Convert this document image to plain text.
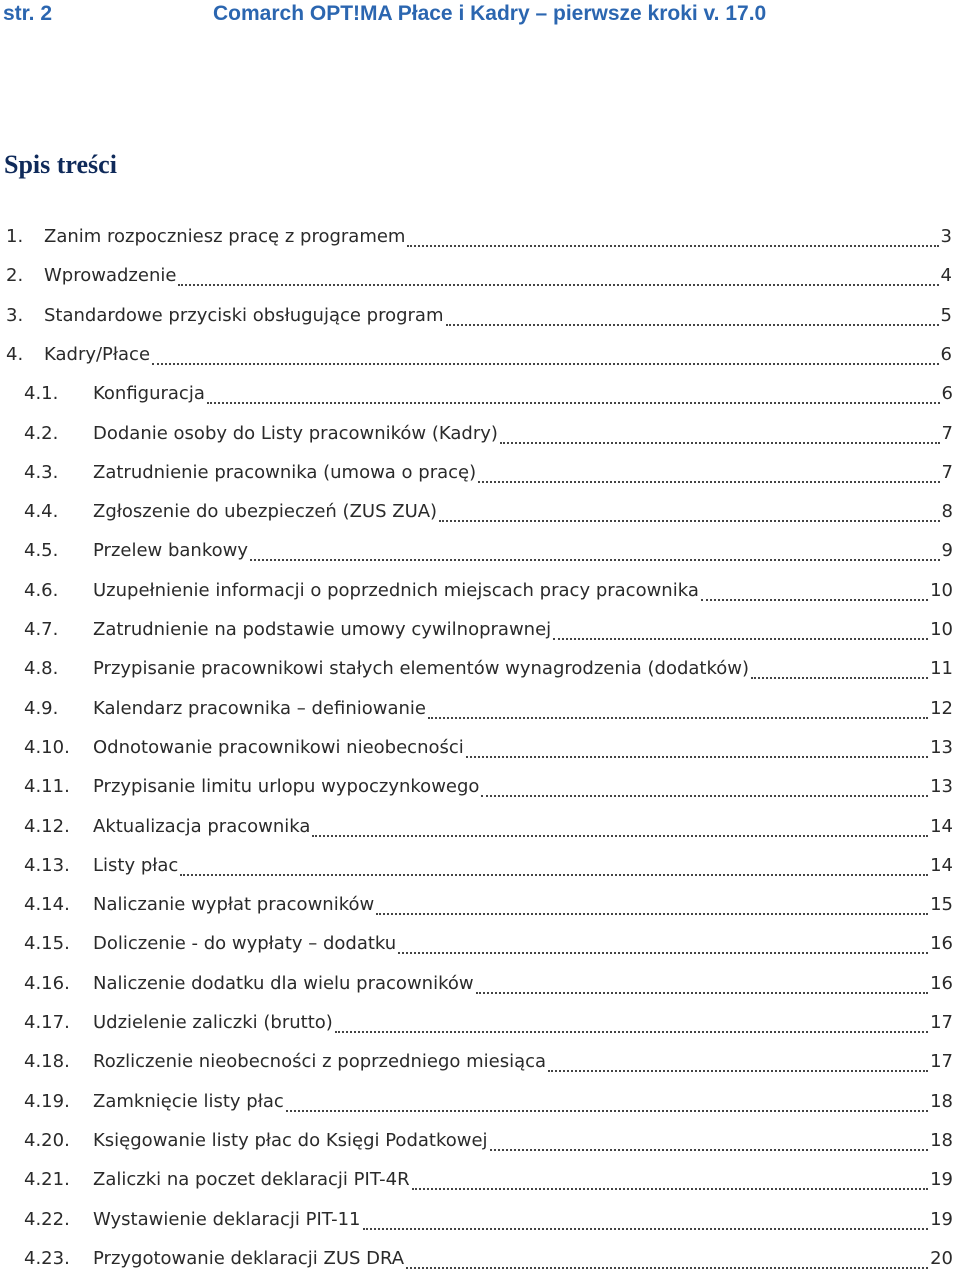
str. 2	Comarch OPT!MA Płace i Kadry – pierwsze kroki v. 17.0
Spis treści
1.	Zanim rozpoczniesz pracę z programem	3
2.	Wprowadzenie	4
3.	Standardowe przyciski obsługujące program	5
4.	Kadry/Płace	6
4.1.	Konfiguracja	6
4.2.	Dodanie osoby do Listy pracowników (Kadry)	7
4.3.	Zatrudnienie pracownika (umowa o pracę)	7
4.4.	Zgłoszenie do ubezpieczeń (ZUS ZUA)	8
4.5.	Przelew bankowy	9
4.6.	Uzupełnienie informacji o poprzednich miejscach pracy pracownika	10
4.7.	Zatrudnienie na podstawie umowy cywilnoprawnej	10
4.8.	Przypisanie pracownikowi stałych elementów wynagrodzenia (dodatków)	11
4.9.	Kalendarz pracownika – definiowanie	12
4.10.	Odnotowanie pracownikowi nieobecności	13
4.11.	Przypisanie limitu urlopu wypoczynkowego	13
4.12.	Aktualizacja pracownika	14
4.13.	Listy płac	14
4.14.	Naliczanie wypłat pracowników	15
4.15.	Doliczenie - do wypłaty – dodatku	16
4.16.	Naliczenie dodatku dla wielu pracowników	16
4.17.	Udzielenie zaliczki (brutto)	17
4.18.	Rozliczenie nieobecności z poprzedniego miesiąca	17
4.19.	Zamknięcie listy płac	18
4.20.	Księgowanie listy płac do Księgi Podatkowej	18
4.21.	Zaliczki na poczet deklaracji PIT-4R	19
4.22.	Wystawienie deklaracji PIT-11	19
4.23.	Przygotowanie deklaracji ZUS DRA	20
